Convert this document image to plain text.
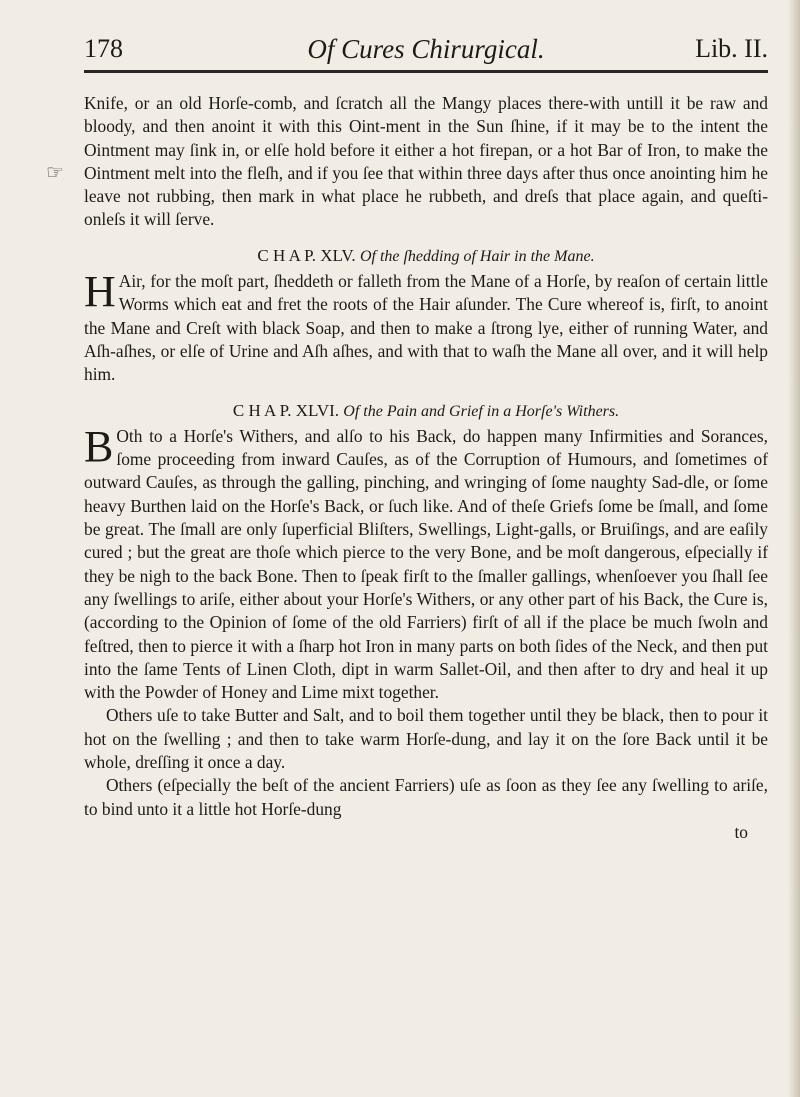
178	Of Cures Chirurgical.	Lib. II.
☞

Knife, or an old Horſe-comb, and ſcratch all the Mangy places there-with untill it be raw and bloody, and then anoint it with this Oint-ment in the Sun ſhine, if it may be to the intent the Ointment may ſink in, or elſe hold before it either a hot firepan, or a hot Bar of Iron, to make the Ointment melt into the fleſh, and if you ſee that within three days after thus once anointing him he leave not rubbing, then mark in what place he rubbeth, and dreſs that place again, and queſti-onleſs it will ſerve.

C H A P. XLV. Of the ſhedding of Hair in the Mane.

H Air, for the moſt part, ſheddeth or falleth from the Mane of a Horſe, by reaſon of certain little Worms which eat and fret the roots of the Hair aſunder. The Cure whereof is, firſt, to anoint the Mane and Creſt with black Soap, and then to make a ſtrong lye, either of running Water, and Aſh-aſhes, or elſe of Urine and Aſh aſhes, and with that to waſh the Mane all over, and it will help him.

C H A P. XLVI. Of the Pain and Grief in a Horſe's Withers.

B Oth to a Horſe's Withers, and alſo to his Back, do happen many Infirmities and Sorances, ſome proceeding from inward Cauſes, as of the Corruption of Humours, and ſometimes of outward Cauſes, as through the galling, pinching, and wringing of ſome naughty Sad-dle, or ſome heavy Burthen laid on the Horſe's Back, or ſuch like. And of theſe Griefs ſome be ſmall, and ſome be great. The ſmall are only ſuperficial Bliſters, Swellings, Light-galls, or Bruiſings, and are eaſily cured ; but the great are thoſe which pierce to the very Bone, and be moſt dangerous, eſpecially if they be nigh to the back Bone. Then to ſpeak firſt to the ſmaller gallings, whenſoever you ſhall ſee any ſwellings to ariſe, either about your Horſe's Withers, or any other part of his Back, the Cure is, (according to the Opinion of ſome of the old Farriers) firſt of all if the place be much ſwoln and feſtred, then to pierce it with a ſharp hot Iron in many parts on both ſides of the Neck, and then put into the ſame Tents of Linen Cloth, dipt in warm Sallet-Oil, and then after to dry and heal it up with the Powder of Honey and Lime mixt together.

Others uſe to take Butter and Salt, and to boil them together until they be black, then to pour it hot on the ſwelling ; and then to take warm Horſe-dung, and lay it on the ſore Back until it be whole, dreſſing it once a day.

Others (eſpecially the beſt of the ancient Farriers) uſe as ſoon as they ſee any ſwelling to ariſe, to bind unto it a little hot Horſe-dung

to
